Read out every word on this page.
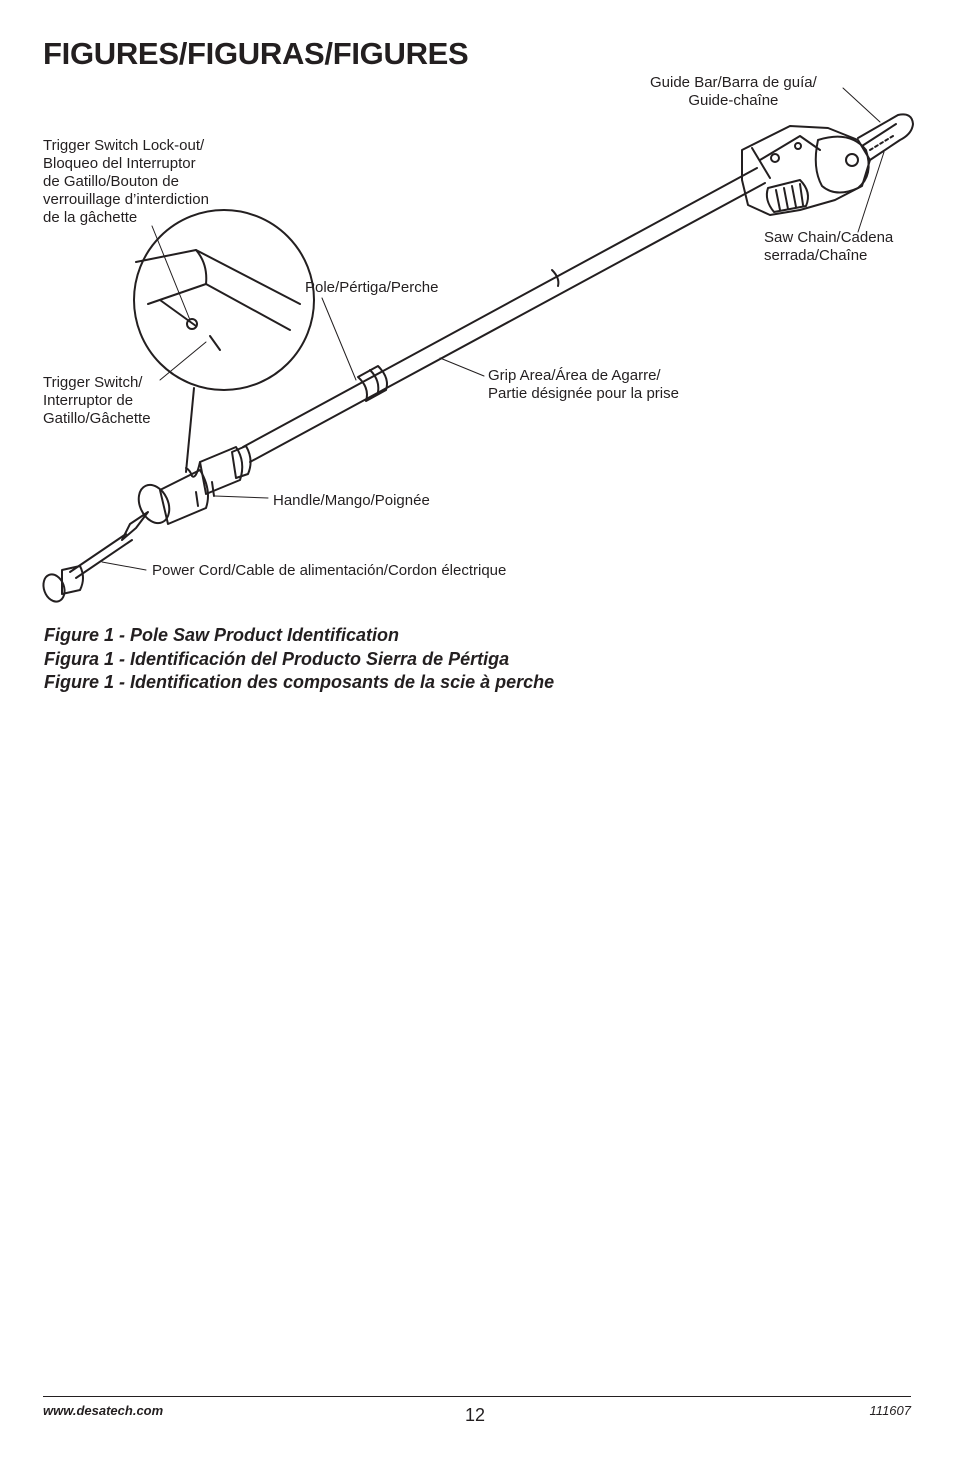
FIGURES/FIGURAS/FIGURES
Guide Bar/Barra de guía/
Guide-chaîne
Trigger Switch Lock-out/
Bloqueo del Interruptor
de Gatillo/Bouton de
verrouillage d’interdiction
de la gâchette
Saw Chain/Cadena
serrada/Chaîne
Pole/Pértiga/Perche
Grip Area/Área de Agarre/
Partie désignée pour la prise
Trigger Switch/
Interruptor de
Gatillo/Gâchette
Handle/Mango/Poignée
Power Cord/Cable de alimentación/Cordon électrique
Figure 1 - Pole Saw Product Identification
Figura 1 - Identificación del Producto Sierra de Pértiga
Figure 1 - Identification des composants de la scie à perche
www.desatech.com	12	111607
